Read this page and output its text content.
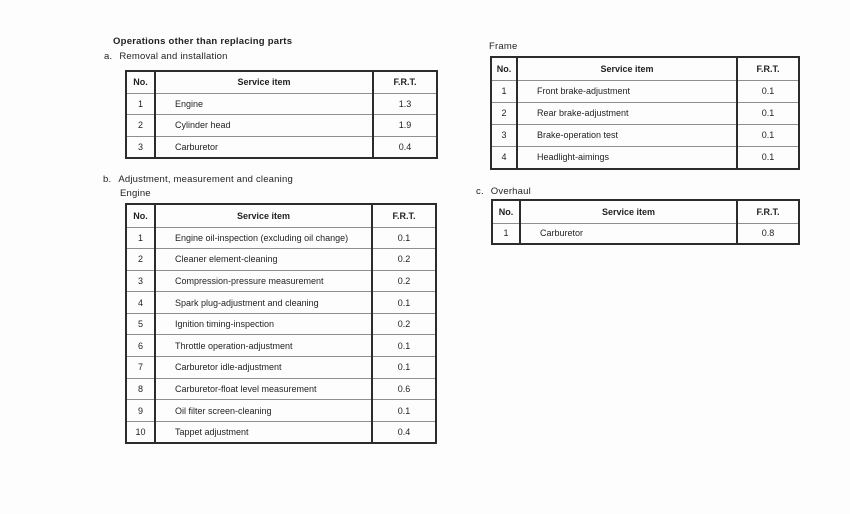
Operations other than replacing parts
a. Removal and installation
No.	Service item	F.R.T.
1	Engine	1.3
2	Cylinder head	1.9
3	Carburetor	0.4
b. Adjustment, measurement and cleaning
Engine
No.	Service item	F.R.T.
1	Engine oil-inspection (excluding oil change)	0.1
2	Cleaner element-cleaning	0.2
3	Compression-pressure measurement	0.2
4	Spark plug-adjustment and cleaning	0.1
5	Ignition timing-inspection	0.2
6	Throttle operation-adjustment	0.1
7	Carburetor idle-adjustment	0.1
8	Carburetor-float level measurement	0.6
9	Oil filter screen-cleaning	0.1
10	Tappet adjustment	0.4
Frame
No.	Service item	F.R.T.
1	Front brake-adjustment	0.1
2	Rear brake-adjustment	0.1
3	Brake-operation test	0.1
4	Headlight-aimings	0.1
c. Overhaul
No.	Service item	F.R.T.
1	Carburetor	0.8
